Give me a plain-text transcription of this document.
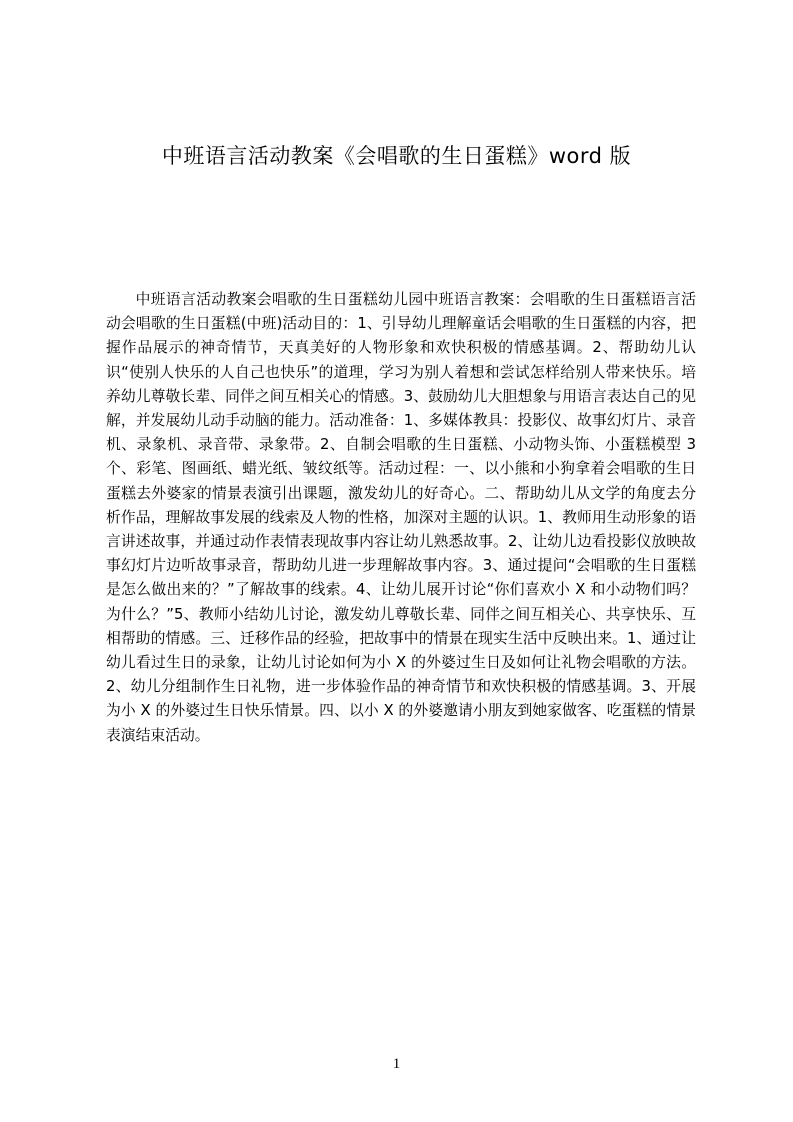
中班语言活动教案《会唱歌的生日蛋糕》word 版

中班语言活动教案会唱歌的生日蛋糕幼儿园中班语言教案：会唱歌的生日蛋糕语言活动会唱歌的生日蛋糕(中班)活动目的：1、引导幼儿理解童话会唱歌的生日蛋糕的内容，把握作品展示的神奇情节，天真美好的人物形象和欢快积极的情感基调。2、帮助幼儿认识“使别人快乐的人自己也快乐”的道理，学习为别人着想和尝试怎样给别人带来快乐。培养幼儿尊敬长辈、同伴之间互相关心的情感。3、鼓励幼儿大胆想象与用语言表达自己的见解，并发展幼儿动手动脑的能力。活动准备：1、多媒体教具：投影仪、故事幻灯片、录音机、录象机、录音带、录象带。2、自制会唱歌的生日蛋糕、小动物头饰、小蛋糕模型 3 个、彩笔、图画纸、蜡光纸、皱纹纸等。活动过程：一、以小熊和小狗拿着会唱歌的生日蛋糕去外婆家的情景表演引出课题，激发幼儿的好奇心。二、帮助幼儿从文学的角度去分析作品，理解故事发展的线索及人物的性格，加深对主题的认识。1、教师用生动形象的语言讲述故事，并通过动作表情表现故事内容让幼儿熟悉故事。2、让幼儿边看投影仪放映故事幻灯片边听故事录音，帮助幼儿进一步理解故事内容。3、通过提问“会唱歌的生日蛋糕是怎么做出来的？”了解故事的线索。4、让幼儿展开讨论“你们喜欢小 X 和小动物们吗？为什么？”5、教师小结幼儿讨论，激发幼儿尊敬长辈、同伴之间互相关心、共享快乐、互相帮助的情感。三、迁移作品的经验，把故事中的情景在现实生活中反映出来。1、通过让幼儿看过生日的录象，让幼儿讨论如何为小 X 的外婆过生日及如何让礼物会唱歌的方法。2、幼儿分组制作生日礼物，进一步体验作品的神奇情节和欢快积极的情感基调。3、开展为小 X 的外婆过生日快乐情景。四、以小 X 的外婆邀请小朋友到她家做客、吃蛋糕的情景表演结束活动。

1
